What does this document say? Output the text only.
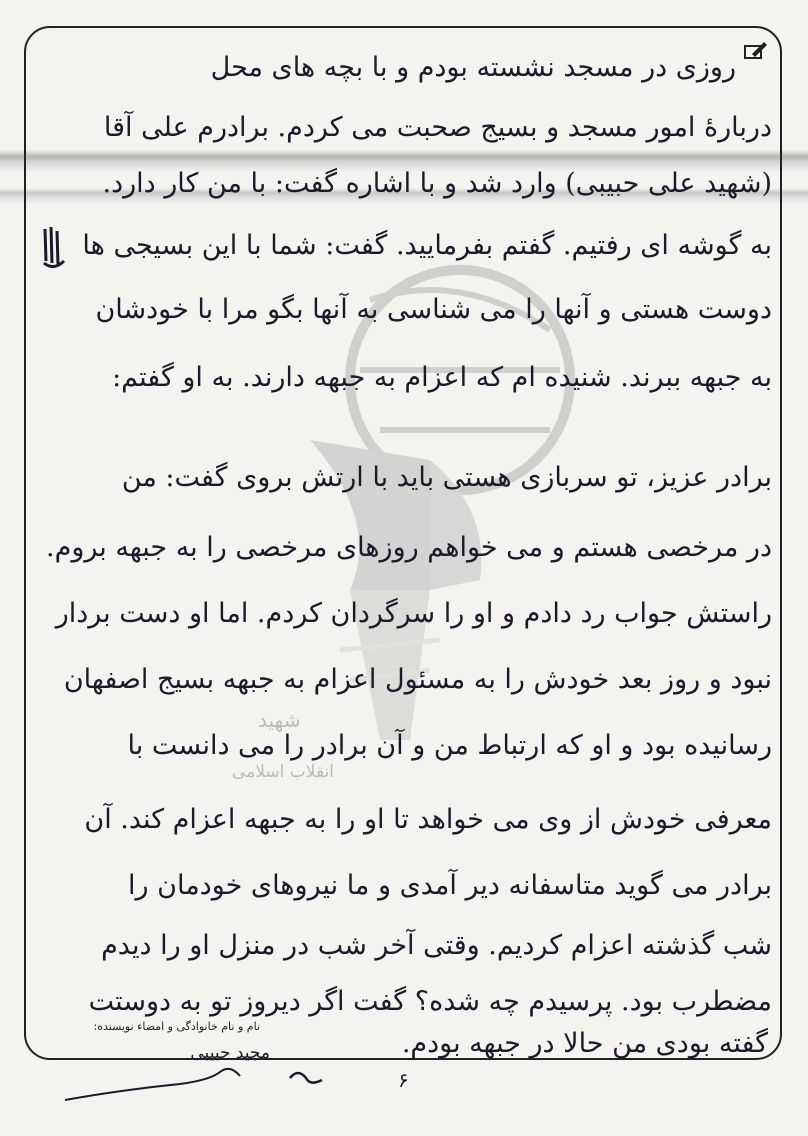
شهید
انقلاب اسلامی
روزی در مسجد نشسته بودم و با بچه های محل
دربارهٔ امور مسجد و بسیج صحبت می کردم. برادرم علی آقا
(شهید علی حبیبی) وارد شد و با اشاره گفت: با من کار دارد.
به گوشه ای رفتیم. گفتم بفرمایید. گفت: شما با این بسیجی ها
دوست هستی و آنها را می شناسی به آنها بگو مرا با خودشان
به جبهه ببرند. شنیده ام که اعزام به جبهه دارند. به او گفتم:
برادر عزیز، تو سربازی هستی باید با ارتش بروی گفت: من
در مرخصی هستم و می خواهم روزهای مرخصی را به جبهه بروم.
راستش جواب رد دادم و او را سرگردان کردم. اما او دست بردار
نبود و روز بعد خودش را به مسئول اعزام به جبهه بسیج اصفهان
رسانیده بود و او که ارتباط من و آن برادر را می دانست با
معرفی خودش از وی می خواهد تا او را به جبهه اعزام کند. آن
برادر می گوید متاسفانه دیر آمدی و ما نیروهای خودمان را
شب گذشته اعزام کردیم. وقتی آخر شب در منزل او را دیدم
مضطرب بود. پرسیدم چه شده؟ گفت اگر دیروز تو به دوستت
گفته بودی من حالا در جبهه بودم.
نام و نام خانوادگی و امضاء نویسنده:
مجید حبیبی
۶
